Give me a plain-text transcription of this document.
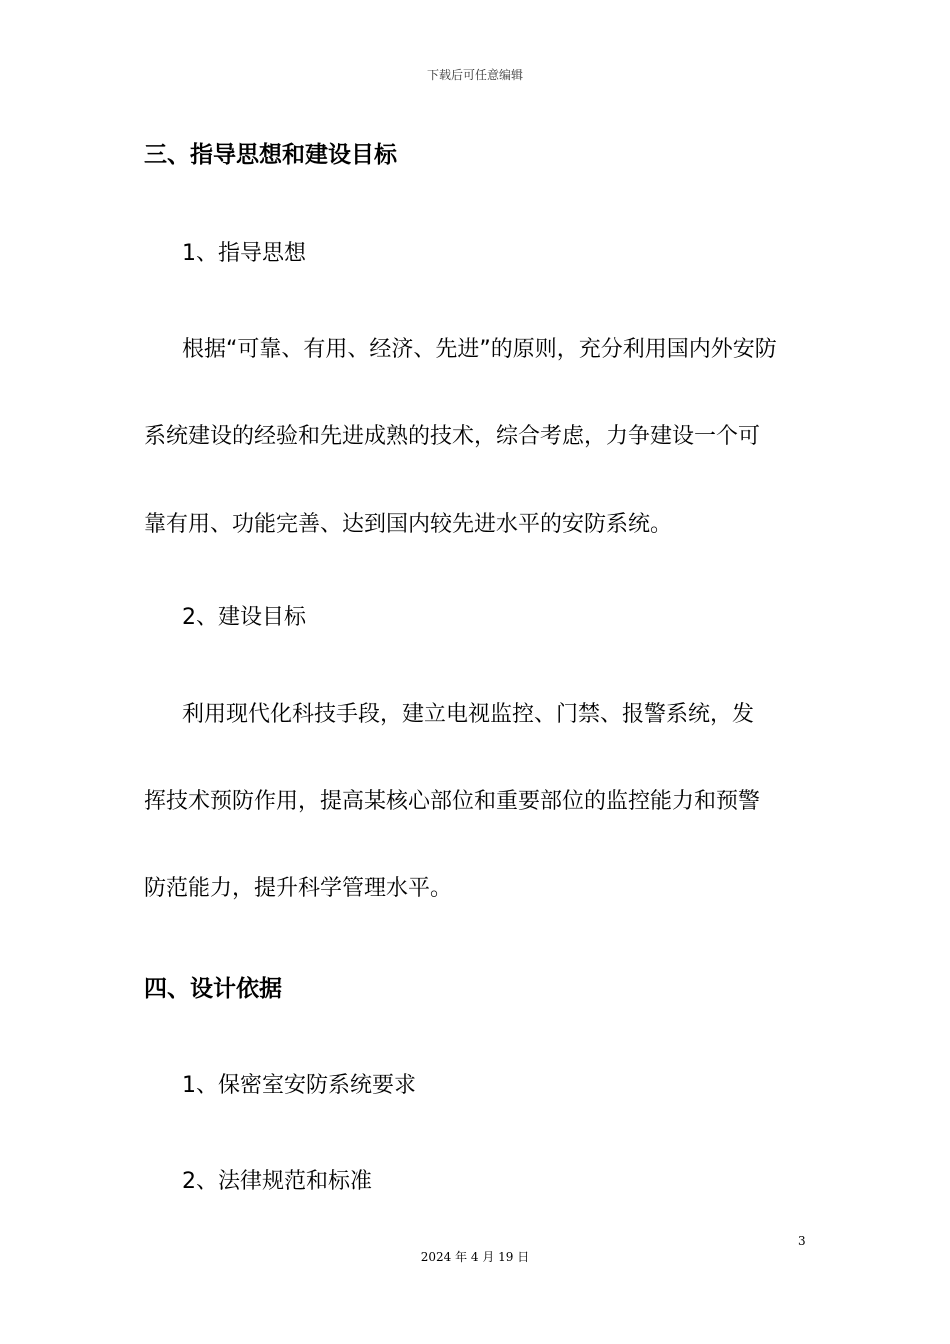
下载后可任意编辑
三、指导思想和建设目标
1、指导思想
根据“可靠、有用、经济、先进”的原则，充分利用国内外安防
系统建设的经验和先进成熟的技术，综合考虑，力争建设一个可
靠有用、功能完善、达到国内较先进水平的安防系统。
2、建设目标
利用现代化科技手段，建立电视监控、门禁、报警系统，发
挥技术预防作用，提高某核心部位和重要部位的监控能力和预警
防范能力，提升科学管理水平。
四、设计依据
1、保密室安防系统要求
2、法律规范和标准
3
2024 年 4 月 19 日
